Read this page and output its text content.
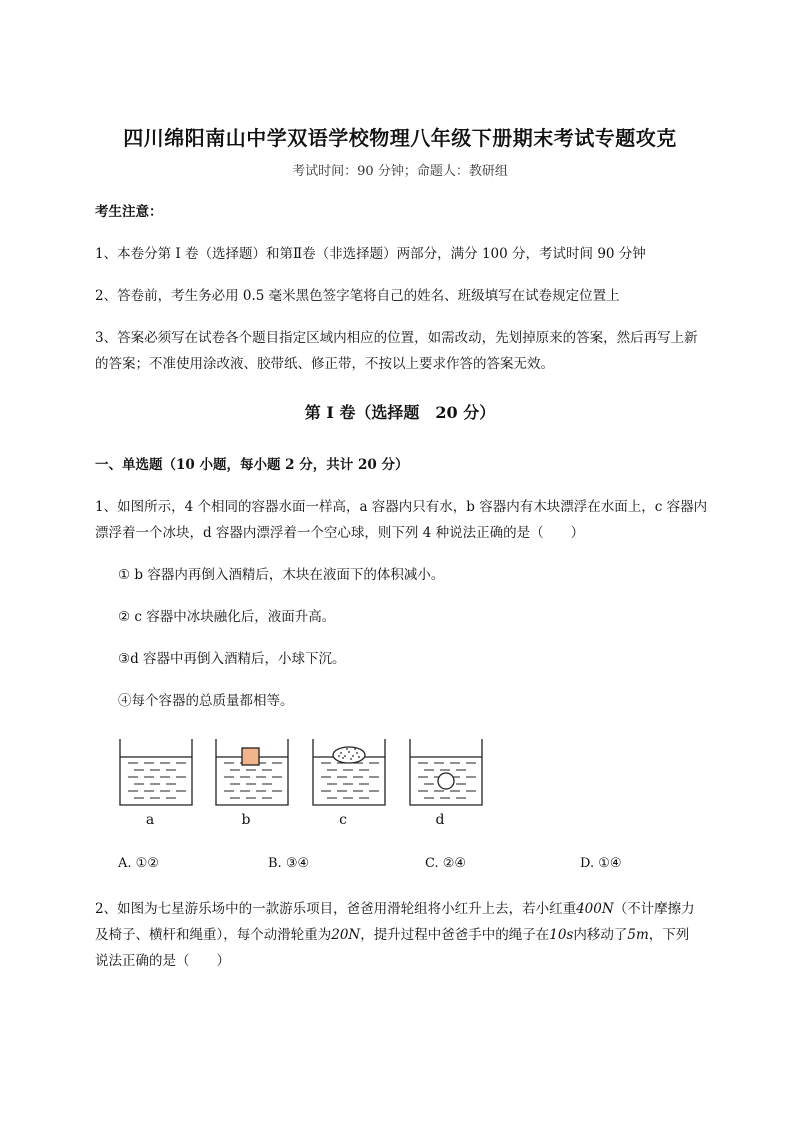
四川绵阳南山中学双语学校物理八年级下册期末考试专题攻克
考试时间：90 分钟；命题人：教研组
考生注意：
1、本卷分第 I 卷（选择题）和第Ⅱ卷（非选择题）两部分，满分 100 分，考试时间 90 分钟
2、答卷前，考生务必用 0.5 毫米黑色签字笔将自己的姓名、班级填写在试卷规定位置上
3、答案必须写在试卷各个题目指定区域内相应的位置，如需改动，先划掉原来的答案，然后再写上新
的答案；不准使用涂改液、胶带纸、修正带，不按以上要求作答的答案无效。
第 I 卷（选择题　20 分）
一、单选题（10 小题，每小题 2 分，共计 20 分）
1、如图所示，4 个相同的容器水面一样高，a 容器内只有水，b 容器内有木块漂浮在水面上，c 容器内
漂浮着一个冰块，d 容器内漂浮着一个空心球，则下列 4 种说法正确的是（　　）
① b 容器内再倒入酒精后，木块在液面下的体积减小。
② c 容器中冰块融化后，液面升高。
③d 容器中再倒入酒精后，小球下沉。
④每个容器的总质量都相等。
a	b	c	d
A. ①②	B. ③④	C. ②④	D. ①④
2、如图为七星游乐场中的一款游乐项目，爸爸用滑轮组将小红升上去，若小红重400N（不计摩擦力
及椅子、横杆和绳重），每个动滑轮重为20N，提升过程中爸爸手中的绳子在10s内移动了5m，下列
说法正确的是（　　）
